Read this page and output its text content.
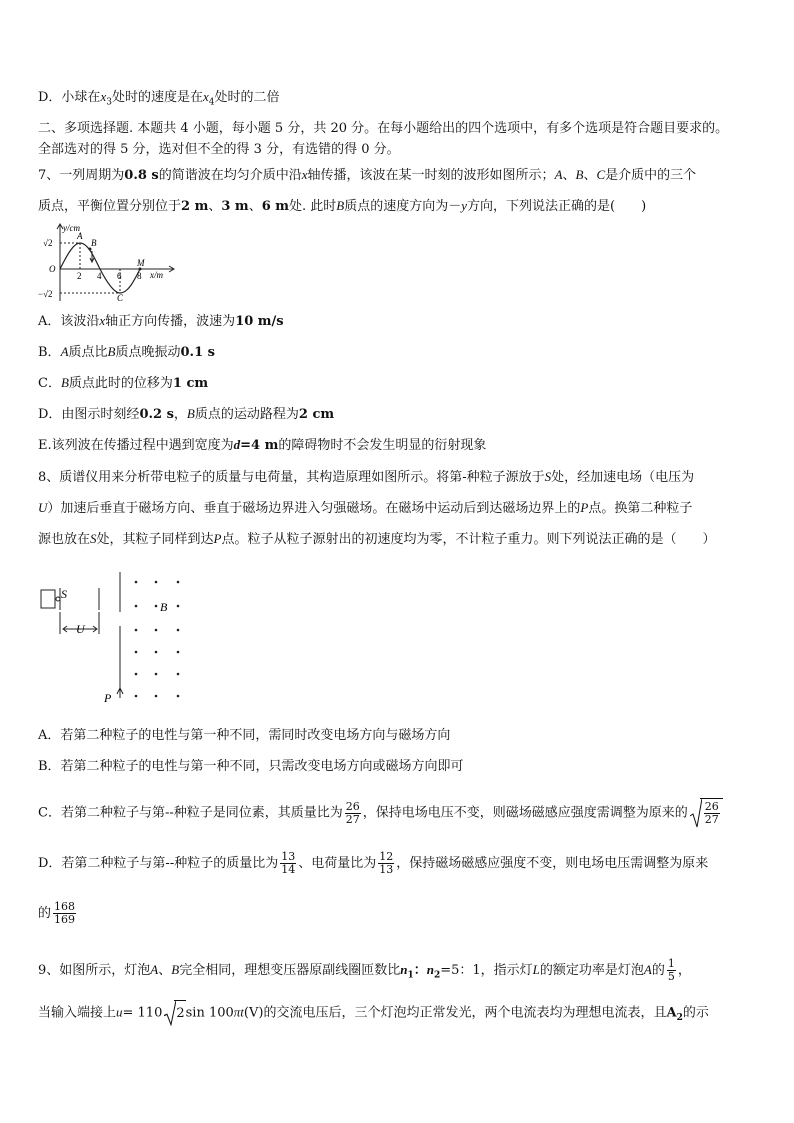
D．小球在$x_3$处时的速度是在$x_4$处时的二倍
二、多项选择题. 本题共 4 小题，每小题 5 分，共 20 分。在每小题给出的四个选项中，有多个选项是符合题目要求的。
全部选对的得 5 分，选对但不全的得 3 分，有选错的得 0 分。
7、一列周期为0.8 s的简谐波在均匀介质中沿x轴传播，该波在某一时刻的波形如图所示；A、B、C是介质中的三个
质点，平衡位置分别位于2 m、3 m、6 m处. 此时B质点的速度方向为－y方向，下列说法正确的是(　　)
y/cm
√2
−√2
O
2 4 6 8 x/m
A
B
C
M
A．该波沿x轴正方向传播，波速为10 m/s
B．A质点比B质点晚振动0.1 s
C．B质点此时的位移为1 cm
D．由图示时刻经0.2 s，B质点的运动路程为2 cm
E.该列波在传播过程中遇到宽度为d=4 m的障碍物时不会发生明显的衍射现象
8、质谱仪用来分析带电粒子的质量与电荷量，其构造原理如图所示。将第-种粒子源放于S处，经加速电场（电压为
U）加速后垂直于磁场方向、垂直于磁场边界进入匀强磁场。在磁场中运动后到达磁场边界上的P点。换第二种粒子
源也放在S处，其粒子同样到达P点。粒子从粒子源射出的初速度均为零，不计粒子重力。则下列说法正确的是（　　）
S
B
U
P
A．若第二种粒子的电性与第一种不同，需同时改变电场方向与磁场方向
B．若第二种粒子的电性与第一种不同，只需改变电场方向或磁场方向即可
C．若第二种粒子与第--种粒子是同位素，其质量比为 $\frac{26}{27}$ ，保持电场电压不变，则磁场磁感应强度需调整为原来的 $\frac{26}{27}$
D．若第二种粒子与第--种粒子的质量比为 $\frac{13}{14}$ 、电荷量比为 $\frac{12}{13}$ ，保持磁场磁感应强度不变，则电场电压需调整为原来
的 $\frac{168}{169}$
9、如图所示，灯泡A、B完全相同，理想变压器原副线圈匝数比$n_1$：$n_2=5$：1，指示灯L的额定功率是灯泡A的 $\frac{1}{5}$ ，
当输入端接上u= 110 2sin 100πt(V)的交流电压后，三个灯泡均正常发光，两个电流表均为理想电流表，且$A_2$的示
